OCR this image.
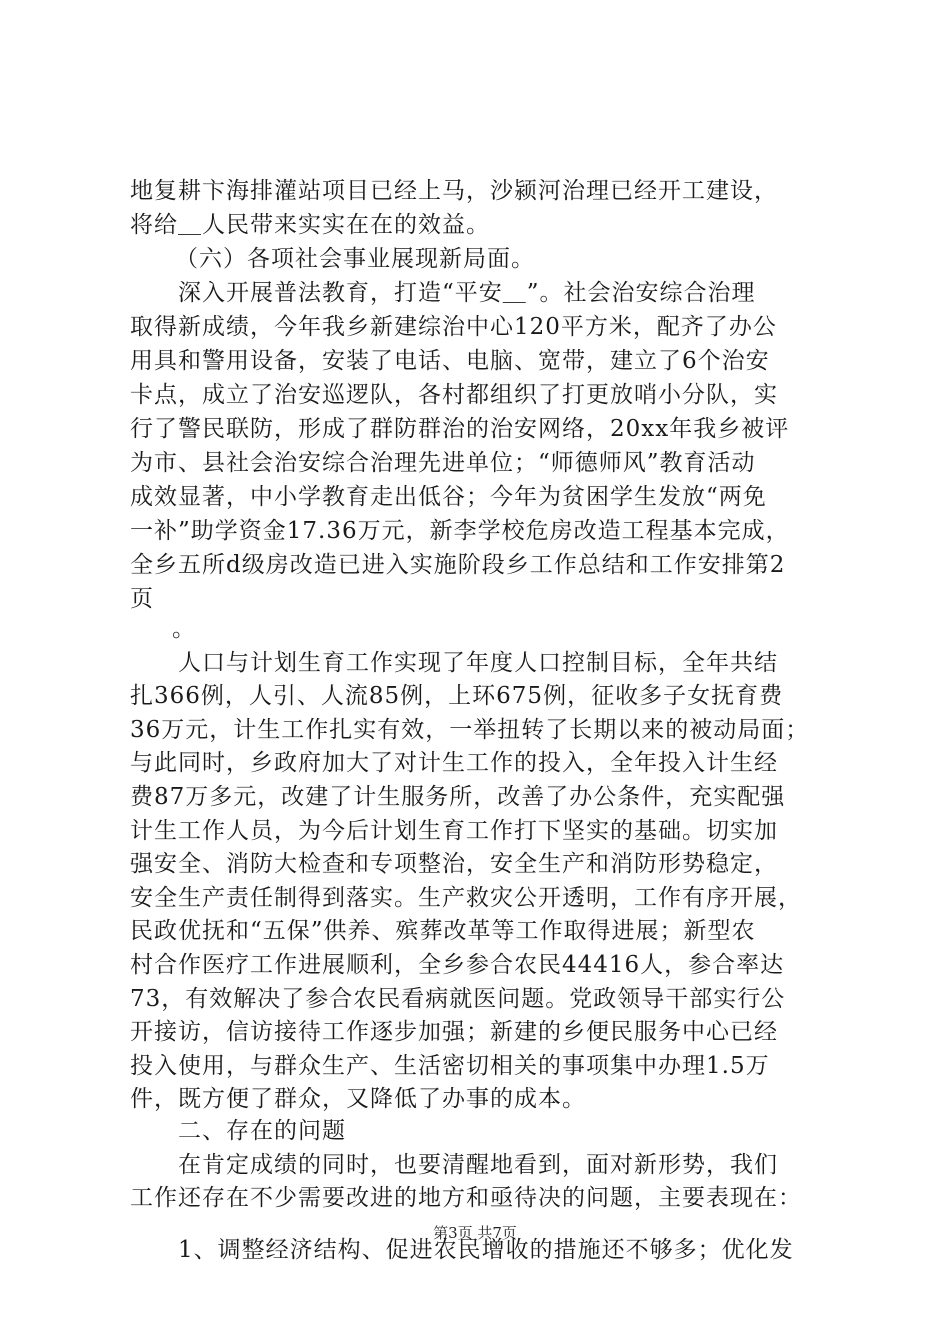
地复耕卞海排灌站项目已经上马，沙颍河治理已经开工建设，
将给＿人民带来实实在在的效益。
（六）各项社会事业展现新局面。
深入开展普法教育，打造“平安＿”。社会治安综合治理
取得新成绩，今年我乡新建综治中心120平方米，配齐了办公
用具和警用设备，安装了电话、电脑、宽带，建立了6个治安
卡点，成立了治安巡逻队，各村都组织了打更放哨小分队，实
行了警民联防，形成了群防群治的治安网络，20xx年我乡被评
为市、县社会治安综合治理先进单位；“师德师风”教育活动
成效显著，中小学教育走出低谷；今年为贫困学生发放“两免
一补”助学资金17.36万元，新李学校危房改造工程基本完成，
全乡五所d级房改造已进入实施阶段乡工作总结和工作安排第2
页
。
人口与计划生育工作实现了年度人口控制目标，全年共结
扎366例，人引、人流85例，上环675例，征收多子女抚育费
36万元，计生工作扎实有效，一举扭转了长期以来的被动局面；
与此同时，乡政府加大了对计生工作的投入，全年投入计生经
费87万多元，改建了计生服务所，改善了办公条件，充实配强
计生工作人员，为今后计划生育工作打下坚实的基础。切实加
强安全、消防大检查和专项整治，安全生产和消防形势稳定，
安全生产责任制得到落实。生产救灾公开透明，工作有序开展，
民政优抚和“五保”供养、殡葬改革等工作取得进展；新型农
村合作医疗工作进展顺利，全乡参合农民44416人，参合率达
73，有效解决了参合农民看病就医问题。党政领导干部实行公
开接访，信访接待工作逐步加强；新建的乡便民服务中心已经
投入使用，与群众生产、生活密切相关的事项集中办理1.5万
件，既方便了群众，又降低了办事的成本。
二、存在的问题
在肯定成绩的同时，也要清醒地看到，面对新形势，我们
工作还存在不少需要改进的地方和亟待决的问题，主要表现在：
第3页 共7页
1、调整经济结构、促进农民增收的措施还不够多；优化发
